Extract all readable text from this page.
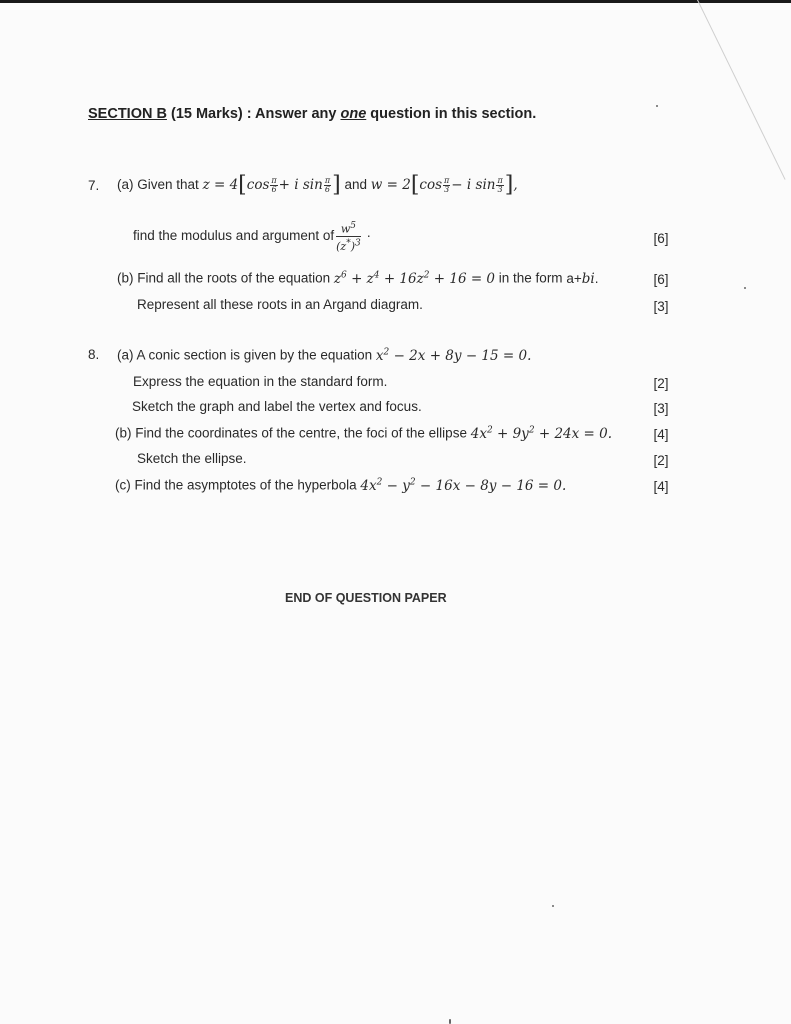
SECTION B (15 Marks) : Answer any one question in this section.
7. (a) Given that $z = 4[\cos \frac{\pi}{6} + i$ $\sin \frac{\pi}{6}$ ] and $w = 2[\cos \frac{\pi}{3} - i$ $\sin \frac{\pi}{3}$ ],
find the modulus and argument of $\frac{w^5}{(z^*)^3}$ ·	[6]
(b) Find all the roots of the equation $z^6 + z^4 + 16z^2 + 16 = 0$ in the form a+bi.	[6]
Represent all these roots in an Argand diagram.	[3]
8. (a) A conic section is given by the equation $x^2 - 2x + 8y - 15 = 0$.
Express the equation in the standard form.	[2]
Sketch the graph and label the vertex and focus.	[3]
(b) Find the coordinates of the centre, the foci of the ellipse $4x^2 + 9y^2 + 24x = 0$.	[4]
Sketch the ellipse.	[2]
(c) Find the asymptotes of the hyperbola $4x^2 - y^2 - 16x - 8y - 16 = 0$.	[4]
END OF QUESTION PAPER
